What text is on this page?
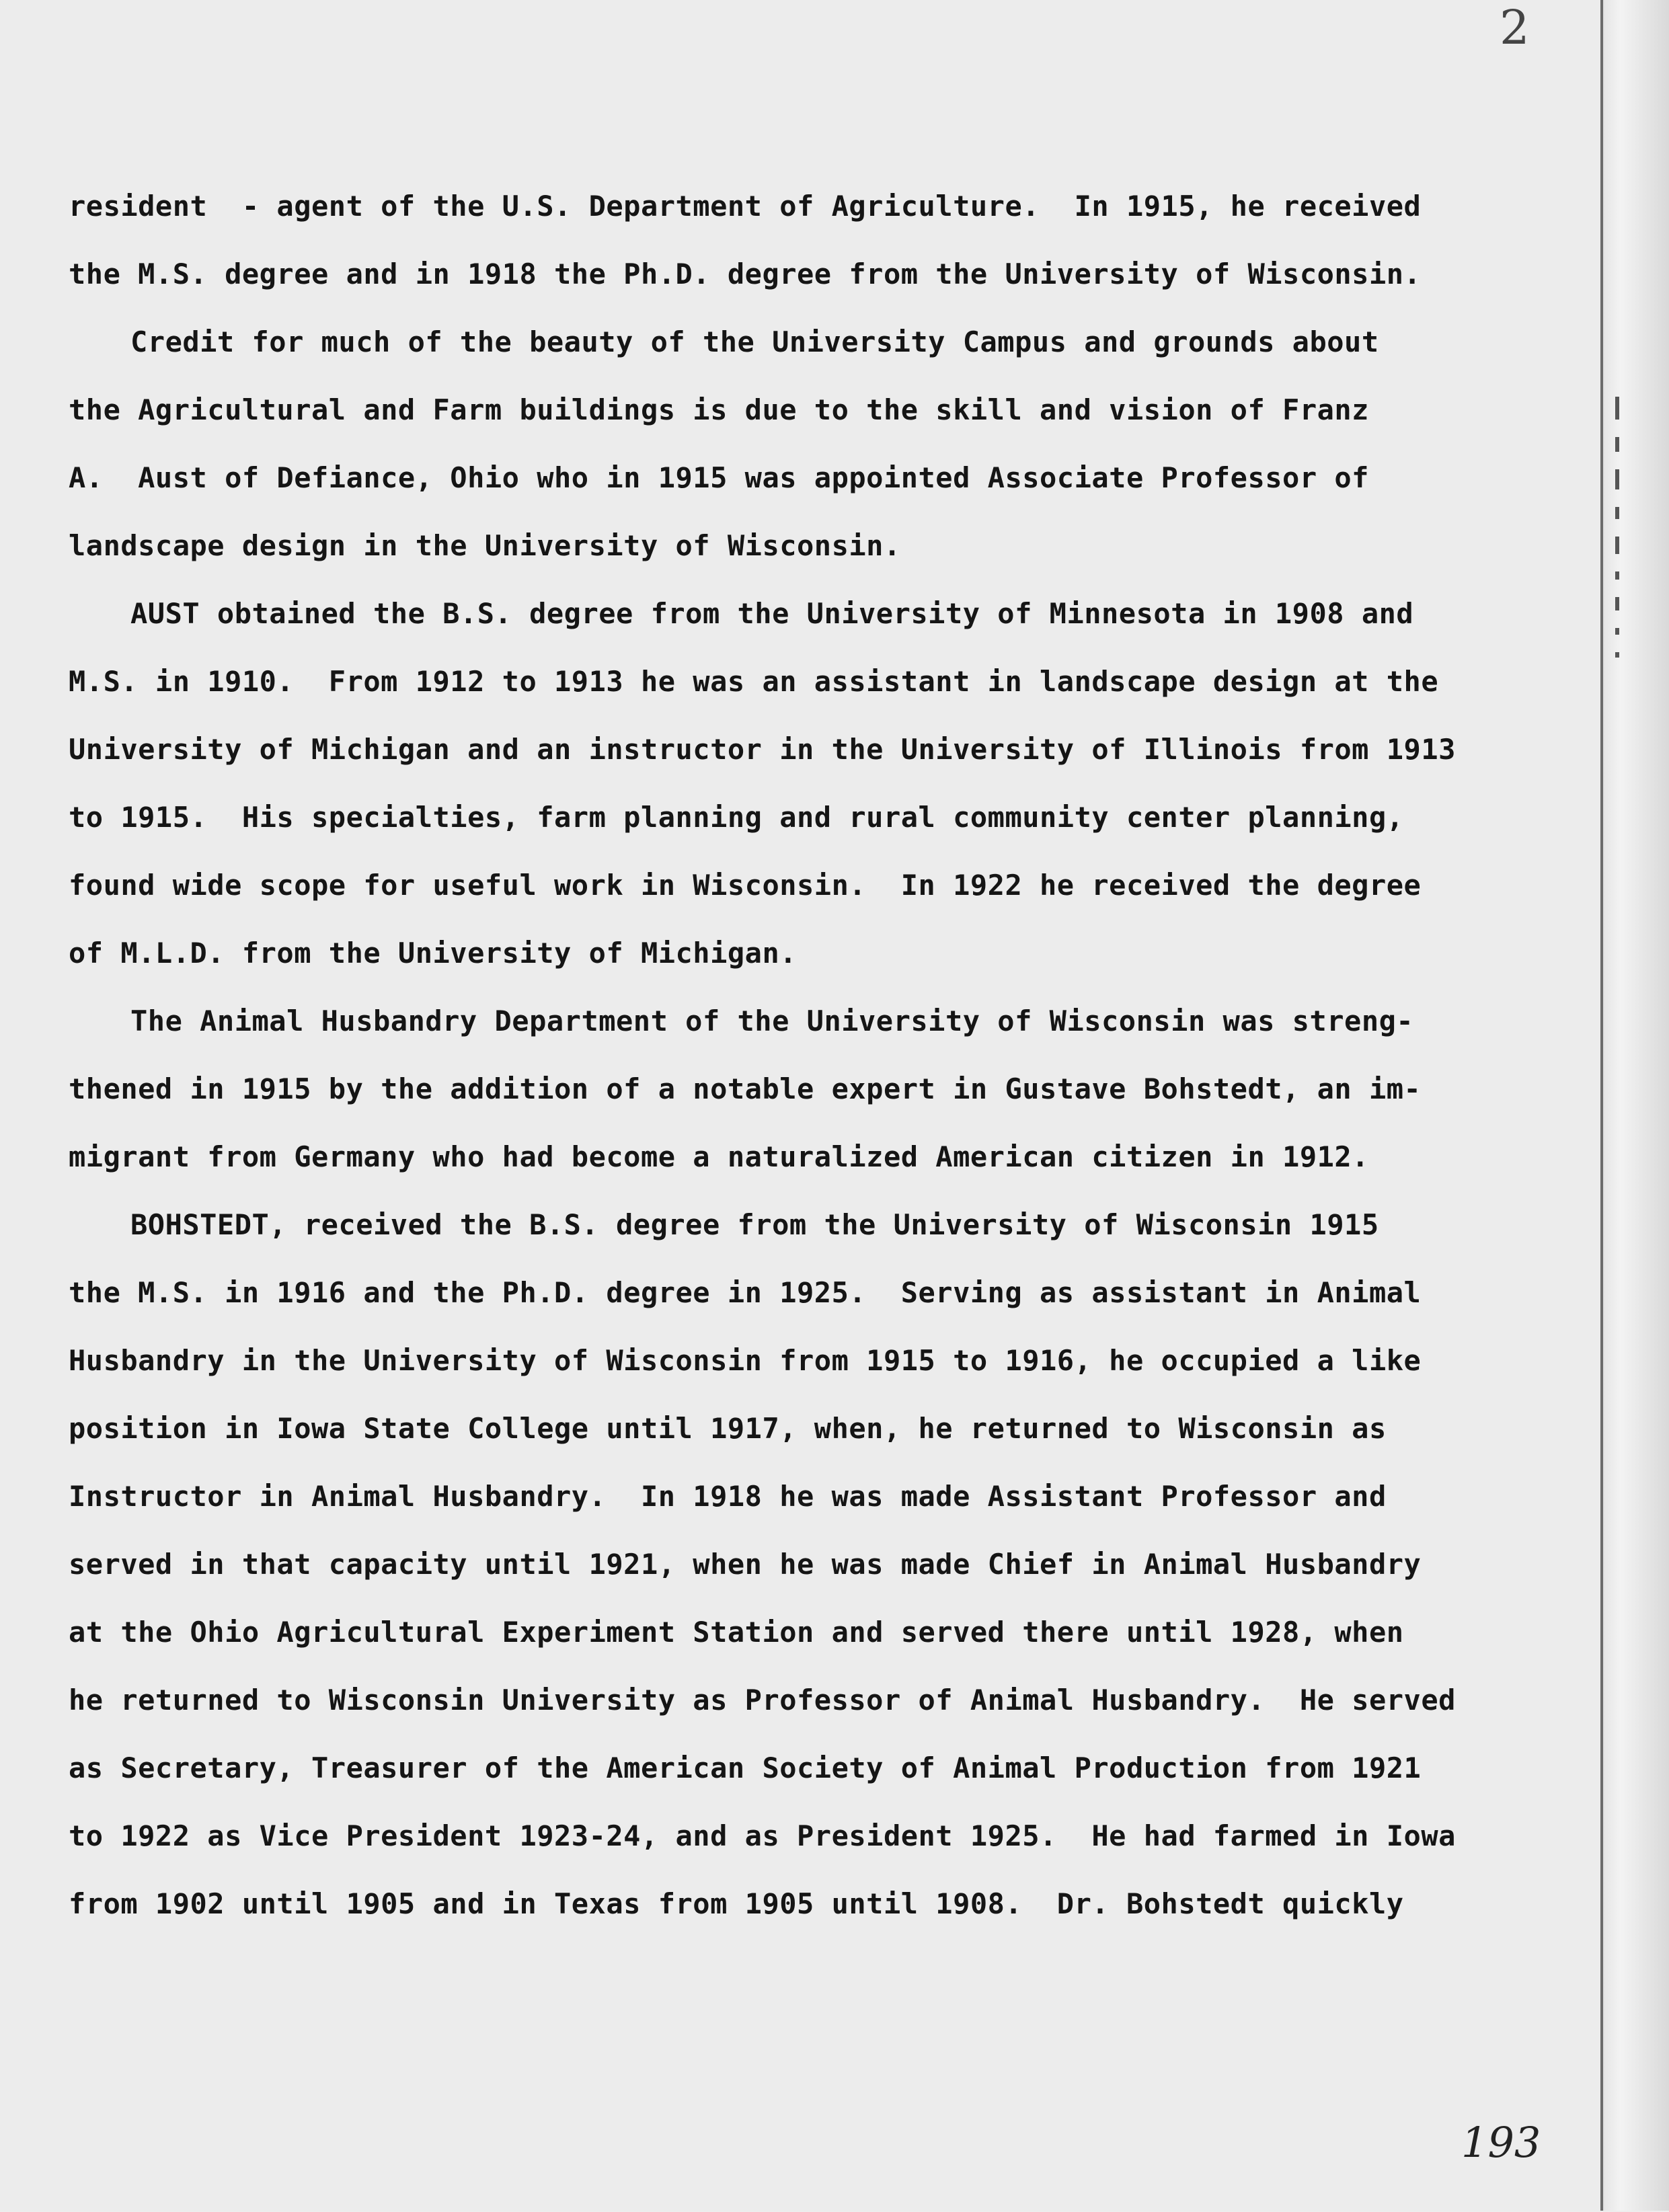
2
resident  - agent of the U.S. Department of Agriculture.  In 1915, he received
the M.S. degree and in 1918 the Ph.D. degree from the University of Wisconsin.
Credit for much of the beauty of the University Campus and grounds about
the Agricultural and Farm buildings is due to the skill and vision of Franz
A.  Aust of Defiance, Ohio who in 1915 was appointed Associate Professor of
landscape design in the University of Wisconsin.
AUST obtained the B.S. degree from the University of Minnesota in 1908 and
M.S. in 1910.  From 1912 to 1913 he was an assistant in landscape design at the
University of Michigan and an instructor in the University of Illinois from 1913
to 1915.  His specialties, farm planning and rural community center planning,
found wide scope for useful work in Wisconsin.  In 1922 he received the degree
of M.L.D. from the University of Michigan.
The Animal Husbandry Department of the University of Wisconsin was streng-
thened in 1915 by the addition of a notable expert in Gustave Bohstedt, an im-
migrant from Germany who had become a naturalized American citizen in 1912.
BOHSTEDT, received the B.S. degree from the University of Wisconsin 1915
the M.S. in 1916 and the Ph.D. degree in 1925.  Serving as assistant in Animal
Husbandry in the University of Wisconsin from 1915 to 1916, he occupied a like
position in Iowa State College until 1917, when, he returned to Wisconsin as
Instructor in Animal Husbandry.  In 1918 he was made Assistant Professor and
served in that capacity until 1921, when he was made Chief in Animal Husbandry
at the Ohio Agricultural Experiment Station and served there until 1928, when
he returned to Wisconsin University as Professor of Animal Husbandry.  He served
as Secretary, Treasurer of the American Society of Animal Production from 1921
to 1922 as Vice President 1923-24, and as President 1925.  He had farmed in Iowa
from 1902 until 1905 and in Texas from 1905 until 1908.  Dr. Bohstedt quickly
193
